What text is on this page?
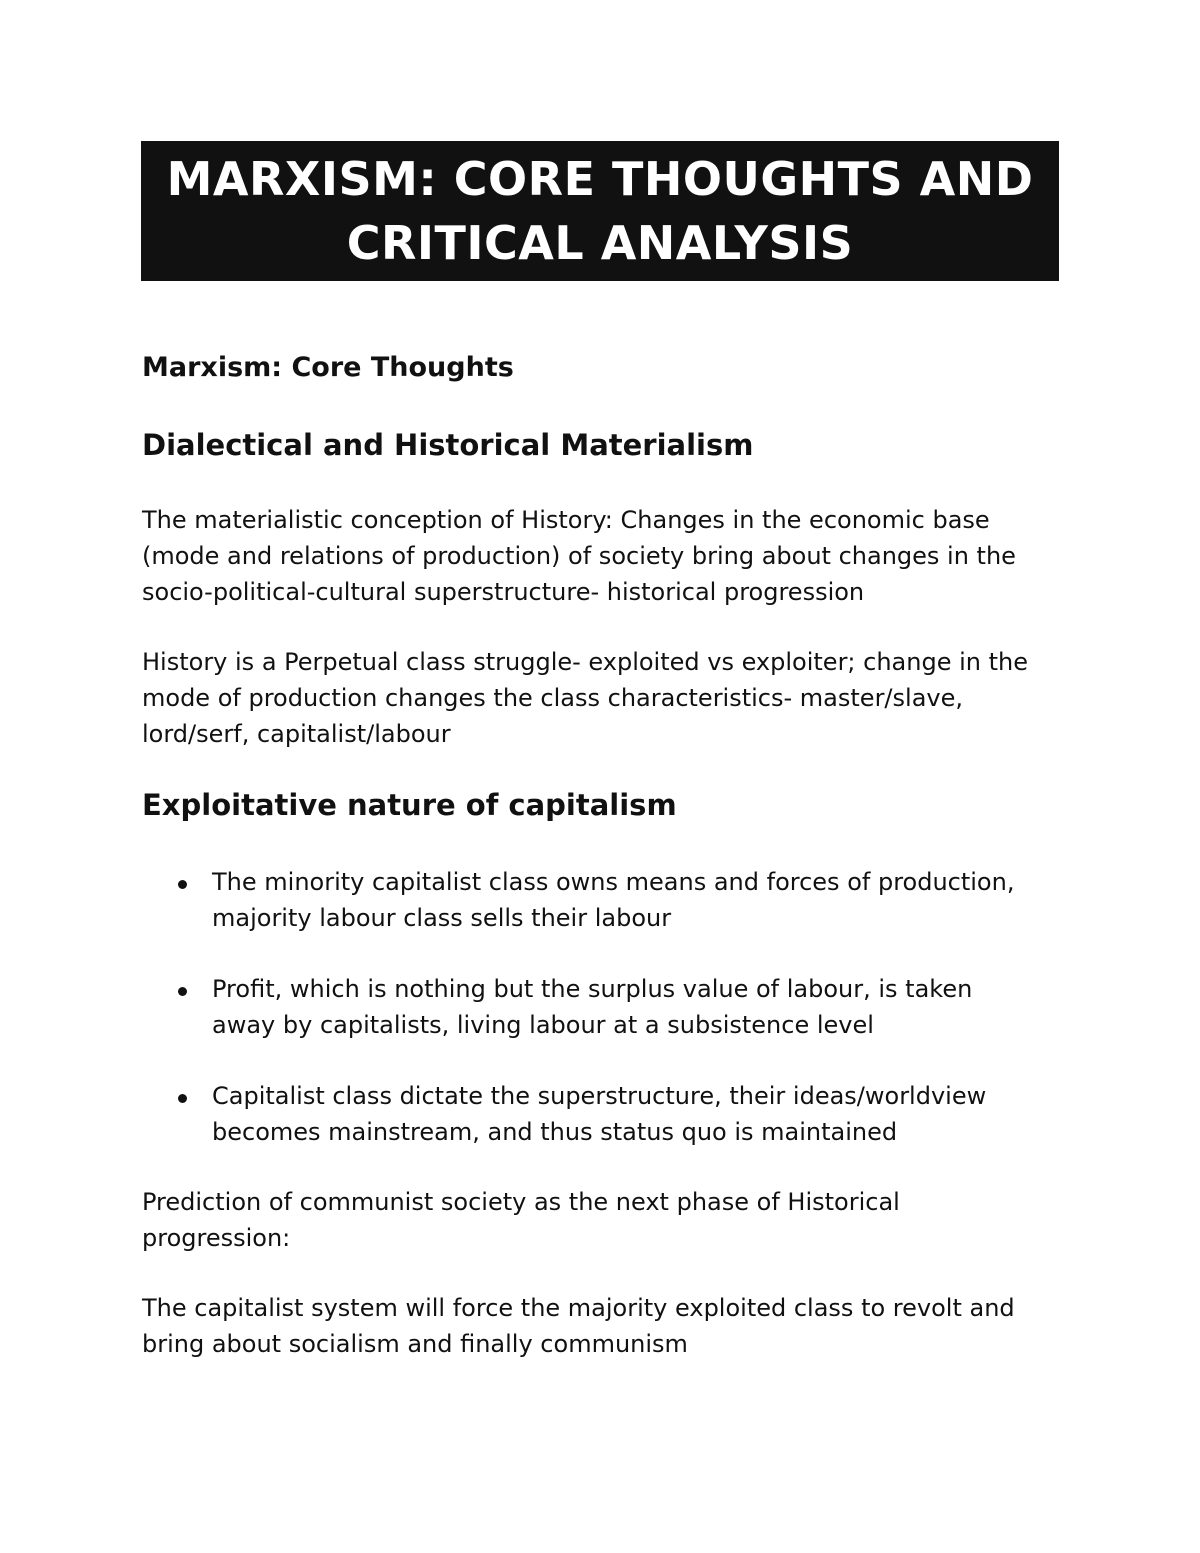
MARXISM: CORE THOUGHTS AND
CRITICAL ANALYSIS
Marxism: Core Thoughts
Dialectical and Historical Materialism

The materialistic conception of History: Changes in the economic base (mode and relations of production) of society bring about changes in the socio-political-cultural superstructure- historical progression

History is a Perpetual class struggle- exploited vs exploiter; change in the mode of production changes the class characteristics- master/slave, lord/serf, capitalist/labour

Exploitative nature of capitalism
The minority capitalist class owns means and forces of production, majority labour class sells their labour
Profit, which is nothing but the surplus value of labour, is taken away by capitalists, living labour at a subsistence level
Capitalist class dictate the superstructure, their ideas/worldview becomes mainstream, and thus status quo is maintained

Prediction of communist society as the next phase of Historical progression:

The capitalist system will force the majority exploited class to revolt and bring about socialism and finally communism
